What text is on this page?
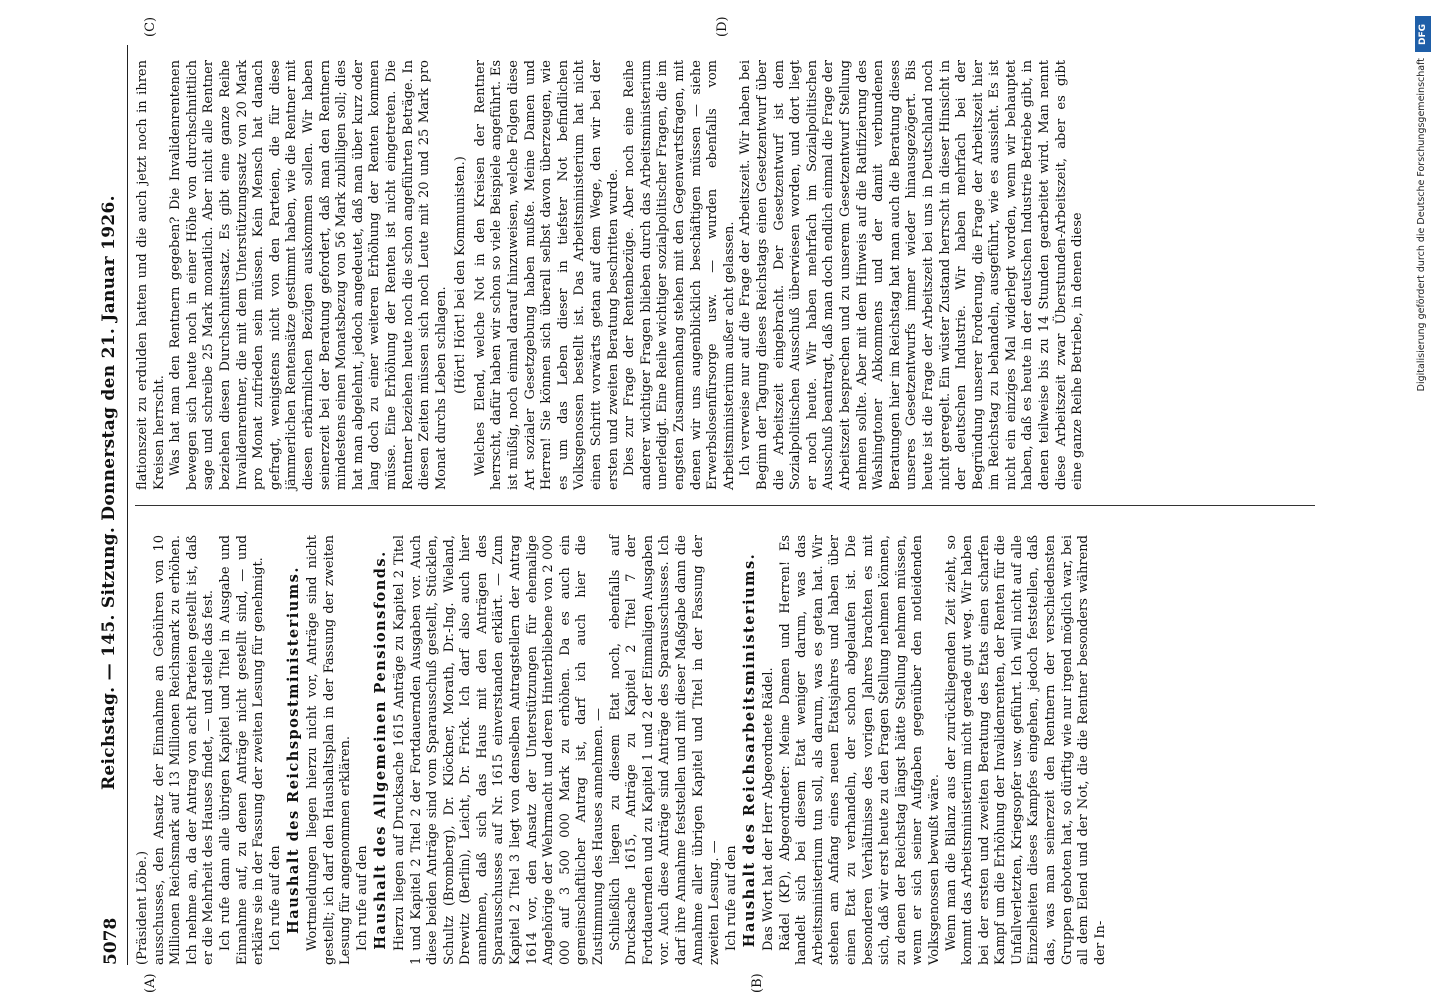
5078
Reichstag. — 145. Sitzung. Donnerstag den 21. Januar 1926.

(Präsident Löbe.) ausschusses, den Ansatz der Einnahme an Gebühren von 10 Millionen Reichsmark auf 13 Millionen Reichsmark zu erhöhen. Ich nehme an, da der Antrag von acht Parteien gestellt ist, daß er die Mehrheit des Hauses findet, — und stelle das fest. Ich rufe dann alle übrigen Kapitel und Titel in Ausgabe und Einnahme auf, zu denen Anträge nicht gestellt sind, — und erkläre sie in der Fassung der zweiten Lesung für genehmigt. Ich rufe auf den Haushalt des Reichspostministeriums. Wortmeldungen liegen hierzu nicht vor, Anträge sind nicht gestellt; ich darf den Haushaltsplan in der Fassung der zweiten Lesung für angenommen erklären. Ich rufe auf den Haushalt des Allgemeinen Pensionsfonds. Hierzu liegen auf Drucksache 1615 Anträge zu Kapitel 2 Titel 1 und Kapitel 2 Titel 2 der Fortdauernden Ausgaben vor. Auch diese beiden Anträge sind vom Sparausschuß gestellt, Stücklen, Schultz (Bromberg), Dr. Klöckner, Morath, Dr.-Ing. Wieland, Drewitz (Berlin), Leicht, Dr. Frick. Ich darf also auch hier annehmen, daß sich das Haus mit den Anträgen des Sparausschusses auf Nr. 1615 einverstanden erklärt. — Zum Kapitel 2 Titel 3 liegt von denselben Antragstellern der Antrag 1614 vor, den Ansatz der Unterstützungen für ehemalige Angehörige der Wehrmacht und deren Hinterbliebene von 2 000 000 auf 3 500 000 Mark zu erhöhen. Da es auch ein gemeinschaftlicher Antrag ist, darf ich auch hier die Zustimmung des Hauses annehmen. — Schließlich liegen zu diesem Etat noch, ebenfalls auf Drucksache 1615, Anträge zu Kapitel 2 Titel 7 der Fortdauernden und zu Kapitel 1 und 2 der Einmaligen Ausgaben vor. Auch diese Anträge sind Anträge des Sparausschusses. Ich darf ihre Annahme feststellen und mit dieser Maßgabe dann die Annahme aller übrigen Kapitel und Titel in der Fassung der zweiten Lesung. — Ich rufe auf den Haushalt des Reichsarbeitsministeriums. Das Wort hat der Herr Abgeordnete Rädel. Rädel (KP), Abgeordneter: Meine Damen und Herren! Es handelt sich bei diesem Etat weniger darum, was das Arbeitsministerium tun soll, als darum, was es getan hat. Wir stehen am Anfang eines neuen Etatsjahres und haben über einen Etat zu verhandeln, der schon abgelaufen ist. Die besonderen Verhältnisse des vorigen Jahres brachten es mit sich, daß wir erst heute zu den Fragen Stellung nehmen können, zu denen der Reichstag längst hätte Stellung nehmen müssen, wenn er sich seiner Aufgaben gegenüber den notleidenden Volksgenossen bewußt wäre. Wenn man die Bilanz aus der zurückliegenden Zeit zieht, so kommt das Arbeitsministerium nicht gerade gut weg. Wir haben bei der ersten und zweiten Beratung des Etats einen scharfen Kampf um die Erhöhung der Invalidenrenten, der Renten für die Unfallverletzten, Kriegsopfer usw. geführt. Ich will nicht auf alle Einzelheiten dieses Kampfes eingehen, jedoch feststellen, daß das, was man seinerzeit den Rentnern der verschiedensten Gruppen geboten hat, so dürftig wie nur irgend möglich war, bei all dem Elend und der Not, die die Rentner besonders während der In-

flationszeit zu erdulden hatten und die auch jetzt noch in ihren Kreisen herrscht. Was hat man den Rentnern gegeben? Die Invalidenrentenen bewegen sich heute noch in einer Höhe von durchschnittlich sage und schreibe 25 Mark monatlich. Aber nicht alle Rentner beziehen diesen Durchschnittssatz. Es gibt eine ganze Reihe Invalidenrentner, die mit dem Unterstützungssatz von 20 Mark pro Monat zufrieden sein müssen. Kein Mensch hat danach gefragt, wenigstens nicht von den Parteien, die für diese jämmerlichen Rentensätze gestimmt haben, wie die Rentner mit diesen erbärmlichen Bezügen auskommen sollen. Wir haben seinerzeit bei der Beratung gefordert, daß man den Rentnern mindestens einen Monatsbezug von 56 Mark zubilligen soll; dies hat man abgelehnt, jedoch angedeutet, daß man über kurz oder lang doch zu einer weiteren Erhöhung der Renten kommen müsse. Eine Erhöhung der Renten ist nicht eingetreten. Die Rentner beziehen heute noch die schon angeführten Beträge. In diesen Zeiten müssen sich noch Leute mit 20 und 25 Mark pro Monat durchs Leben schlagen. (Hört! Hört! bei den Kommunisten.) Welches Elend, welche Not in den Kreisen der Rentner herrscht, dafür haben wir schon so viele Beispiele angeführt. Es ist müßig, noch einmal darauf hinzuweisen, welche Folgen diese Art sozialer Gesetzgebung haben mußte. Meine Damen und Herren! Sie können sich überall selbst davon überzeugen, wie es um das Leben dieser in tiefster Not befindlichen Volksgenossen bestellt ist. Das Arbeitsministerium hat nicht einen Schritt vorwärts getan auf dem Wege, den wir bei der ersten und zweiten Beratung beschritten wurde. Dies zur Frage der Rentenbezüge. Aber noch eine Reihe anderer wichtiger Fragen blieben durch das Arbeitsministerium unerledigt. Eine Reihe wichtiger sozialpolitischer Fragen, die im engsten Zusammenhang stehen mit den Gegenwartsfragen, mit denen wir uns augenblicklich beschäftigen müssen — siehe Erwerbslosenfürsorge usw. — wurden ebenfalls vom Arbeitsministerium außer acht gelassen. Ich verweise nur auf die Frage der Arbeitszeit. Wir haben bei Beginn der Tagung dieses Reichstags einen Gesetzentwurf über die Arbeitszeit eingebracht. Der Gesetzentwurf ist dem Sozialpolitischen Ausschuß überwiesen worden, und dort liegt er noch heute. Wir haben mehrfach im Sozialpolitischen Ausschuß beantragt, daß man doch endlich einmal die Frage der Arbeitszeit besprechen und zu unserem Gesetzentwurf Stellung nehmen sollte. Aber mit dem Hinweis auf die Ratifizierung des Washingtoner Abkommens und der damit verbundenen Beratungen hier im Reichstag hat man auch die Beratung dieses unseres Gesetzentwurfs immer wieder hinausgezögert. Bis heute ist die Frage der Arbeitszeit bei uns in Deutschland noch nicht geregelt. Ein wüster Zustand herrscht in dieser Hinsicht in der deutschen Industrie. Wir haben mehrfach bei der Begründung unserer Forderung, die Frage der Arbeitszeit hier im Reichstag zu behandeln, ausgeführt, wie es aussieht. Es ist nicht ein einziges Mal widerlegt worden, wenn wir behauptet haben, daß es heute in der deutschen Industrie Betriebe gibt, in denen teilweise bis zu 14 Stunden gearbeitet wird. Man nennt diese Arbeitszeit zwar Überstunden-Arbeitszeit, aber es gibt eine ganze Reihe Betriebe, in denen diese

(A)	(B)
(C)	(D)	DFG
Digitalisierung gefördert durch die Deutsche Forschungsgemeinschaft
